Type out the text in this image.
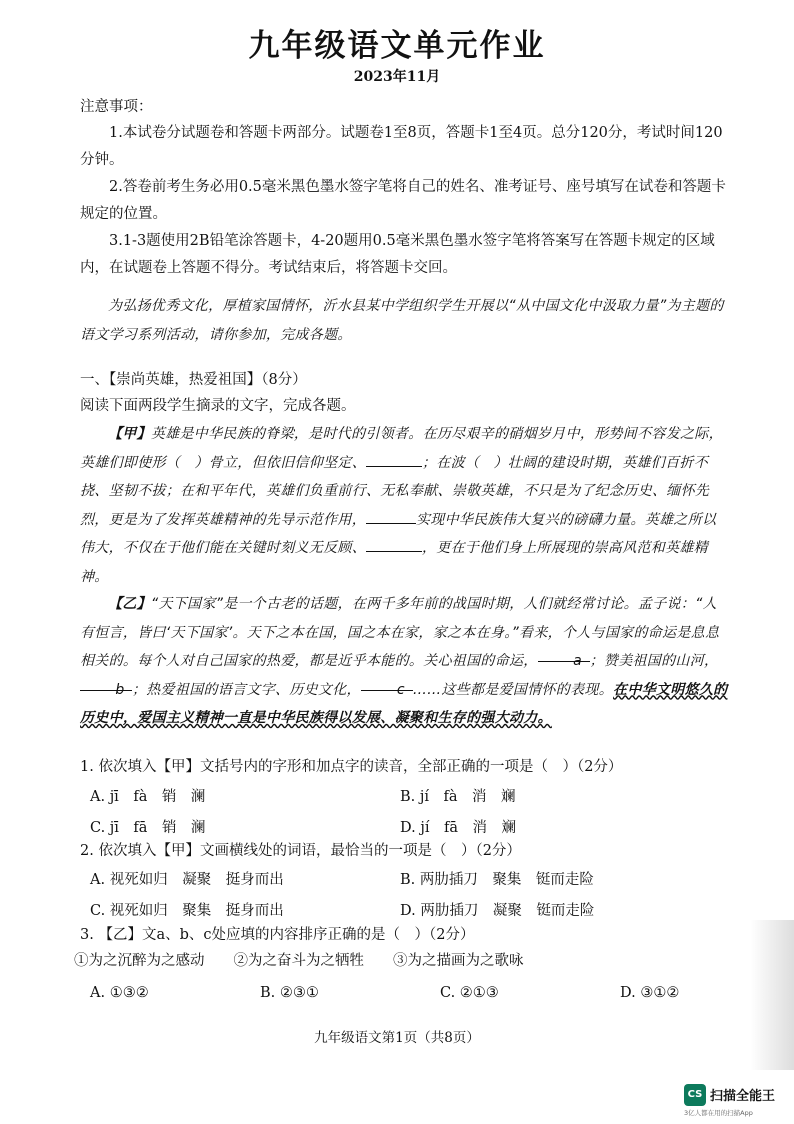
九年级语文单元作业
2023年11月

注意事项：

1.本试卷分试题卷和答题卡两部分。试题卷1至8页，答题卡1至4页。总分120分，考试时间120分钟。

2.答卷前考生务必用0.5毫米黑色墨水签字笔将自己的姓名、准考证号、座号填写在试卷和答题卡规定的位置。

3.1-3题使用2B铅笔涂答题卡，4-20题用0.5毫米黑色墨水签字笔将答案写在答题卡规定的区域内，在试题卷上答题不得分。考试结束后，将答题卡交回。

为弘扬优秀文化，厚植家国情怀，沂水县某中学组织学生开展以“从中国文化中汲取力量”为主题的语文学习系列活动，请你参加，完成各题。

一、【崇尚英雄，热爱祖国】（8分）

阅读下面两段学生摘录的文字，完成各题。

【甲】英雄是中华民族的脊梁，是时代的引领者。在历尽艰辛的硝烟岁月中，形势间不容发之际，英雄们即使形（　）骨立，但依旧信仰坚定、	；在波（　）壮阔的建设时期，英雄们百折不挠、坚韧不拔；在和平年代，英雄们负重前行、无私奉献、崇敬英雄，不只是为了纪念历史、缅怀先烈，更是为了发挥英雄精神的先导示范作用，	实现中华民族伟大复兴的磅礴力量。英雄之所以伟大，不仅在于他们能在关键时刻义无反顾、	，更在于他们身上所展现的崇高风范和英雄精神。

【乙】“天下国家”是一个古老的话题，在两千多年前的战国时期，人们就经常讨论。孟子说：“人有恒言，皆曰‘天下国家’。天下之本在国，国之本在家，家之本在身。”看来，个人与国家的命运是息息相关的。每个人对自己国家的热爱，都是近乎本能的。关心祖国的命运，	a ；赞美祖国的山河，b ；热爱祖国的语言文字、历史文化，	c ……这些都是爱国情怀的表现。在中华文明悠久的历史中，爱国主义精神一直是中华民族得以发展、凝聚和生存的强大动力。

1. 依次填入【甲】文括号内的字形和加点字的读音，全部正确的一项是（　）（2分）

A. jī　fà　销　澜	B. jí　fà　消　斓
C. jī　fā　销　澜	D. jí　fā　消　斓

2. 依次填入【甲】文画横线处的词语，最恰当的一项是（　）（2分）

A. 视死如归　凝聚　挺身而出	B. 两肋插刀　聚集　铤而走险
C. 视死如归　聚集　挺身而出	D. 两肋插刀　凝聚　铤而走险

3. 【乙】文a、b、c处应填的内容排序正确的是（　）（2分）

①为之沉醉为之感动　　②为之奋斗为之牺牲　　③为之描画为之歌咏

A. ①③②	B. ②③①	C. ②①③	D. ③①②
九年级语文第1页（共8页）
CS 扫描全能王
3亿人都在用的扫描App
